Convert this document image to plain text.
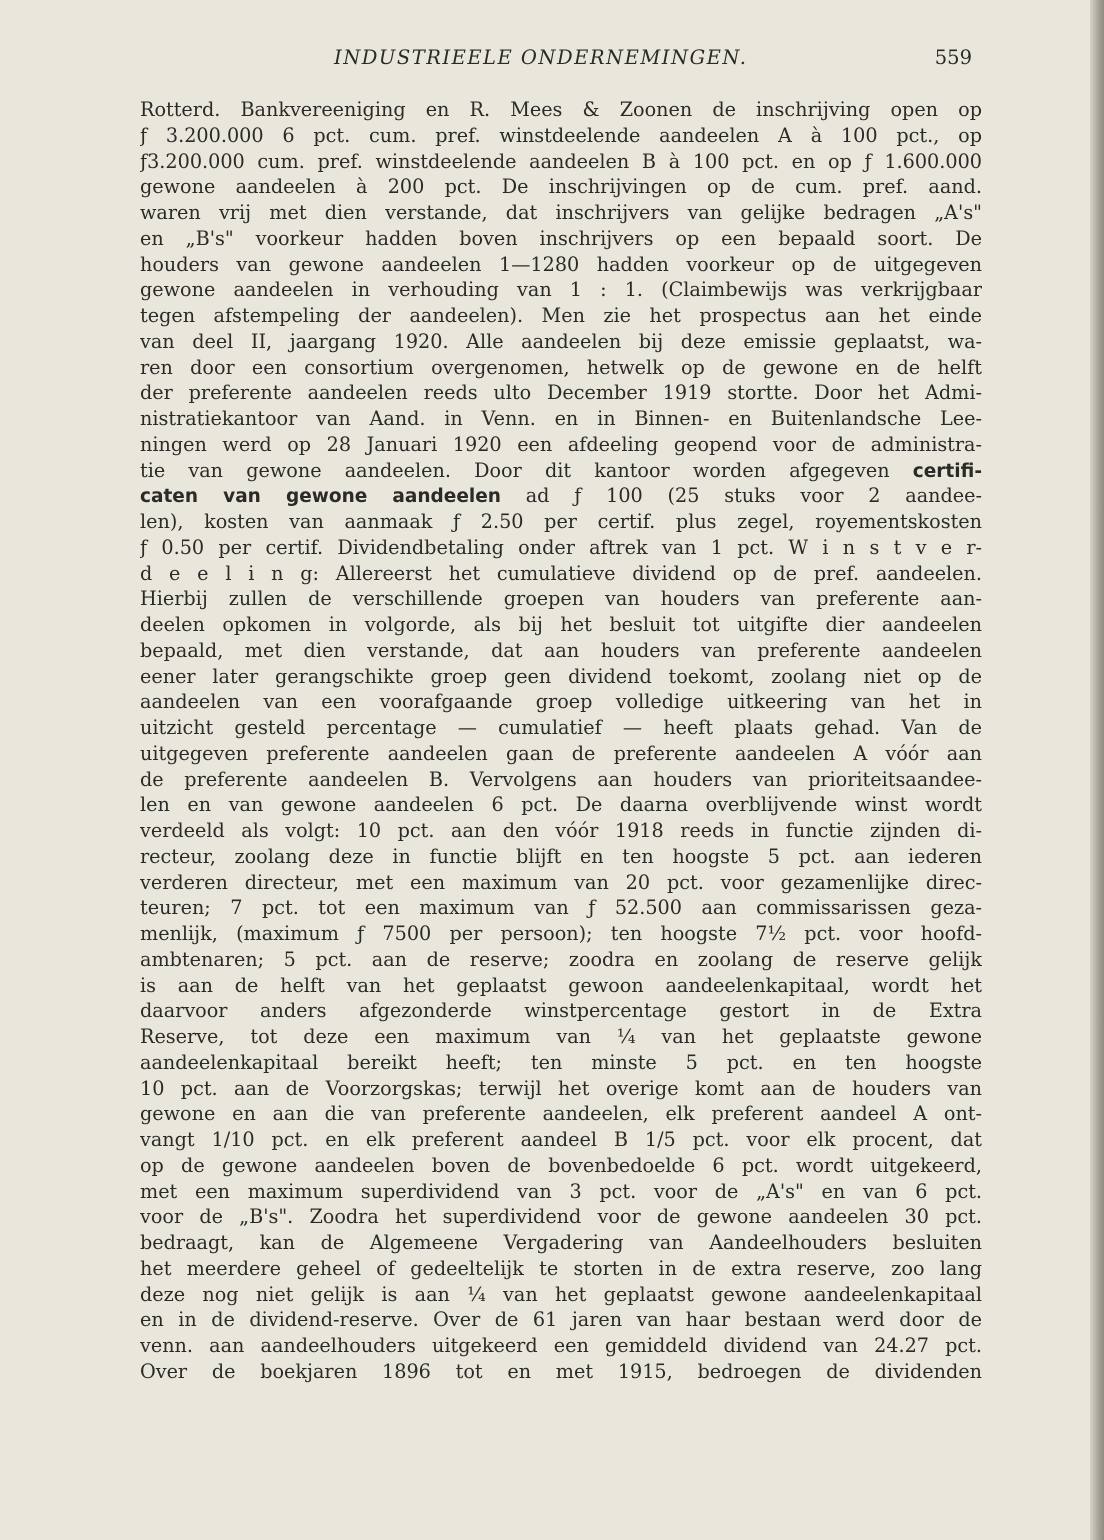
INDUSTRIEELE ONDERNEMINGEN.	559
Rotterd. Bankvereeniging en R. Mees & Zoonen de inschrijving open op
ƒ 3.200.000 6 pct. cum. pref. winstdeelende aandeelen A à 100 pct., op
ƒ3.200.000 cum. pref. winstdeelende aandeelen B à 100 pct. en op ƒ 1.600.000
gewone aandeelen à 200 pct. De inschrijvingen op de cum. pref. aand.
waren vrij met dien verstande, dat inschrijvers van gelijke bedragen „A's"
en „B's" voorkeur hadden boven inschrijvers op een bepaald soort. De
houders van gewone aandeelen 1—1280 hadden voorkeur op de uitgegeven
gewone aandeelen in verhouding van 1 : 1. (Claimbewijs was verkrijgbaar
tegen afstempeling der aandeelen). Men zie het prospectus aan het einde
van deel II, jaargang 1920. Alle aandeelen bij deze emissie geplaatst, wa-
ren door een consortium overgenomen, hetwelk op de gewone en de helft
der preferente aandeelen reeds ulto December 1919 stortte. Door het Admi-
nistratiekantoor van Aand. in Venn. en in Binnen- en Buitenlandsche Lee-
ningen werd op 28 Januari 1920 een afdeeling geopend voor de administra-
tie van gewone aandeelen. Door dit kantoor worden afgegeven certifi-
caten van gewone aandeelen ad ƒ 100 (25 stuks voor 2 aandee-
len), kosten van aanmaak ƒ 2.50 per certif. plus zegel, royementskosten
ƒ 0.50 per certif. Dividendbetaling onder aftrek van 1 pct. W i n s t v e r-
d e e l i n g: Allereerst het cumulatieve dividend op de pref. aandeelen.
Hierbij zullen de verschillende groepen van houders van preferente aan-
deelen opkomen in volgorde, als bij het besluit tot uitgifte dier aandeelen
bepaald, met dien verstande, dat aan houders van preferente aandeelen
eener later gerangschikte groep geen dividend toekomt, zoolang niet op de
aandeelen van een voorafgaande groep volledige uitkeering van het in
uitzicht gesteld percentage — cumulatief — heeft plaats gehad. Van de
uitgegeven preferente aandeelen gaan de preferente aandeelen A vóór aan
de preferente aandeelen B. Vervolgens aan houders van prioriteitsaandee-
len en van gewone aandeelen 6 pct. De daarna overblijvende winst wordt
verdeeld als volgt: 10 pct. aan den vóór 1918 reeds in functie zijnden di-
recteur, zoolang deze in functie blijft en ten hoogste 5 pct. aan iederen
verderen directeur, met een maximum van 20 pct. voor gezamenlijke direc-
teuren; 7 pct. tot een maximum van ƒ 52.500 aan commissarissen geza-
menlijk, (maximum ƒ 7500 per persoon); ten hoogste 7½ pct. voor hoofd-
ambtenaren; 5 pct. aan de reserve; zoodra en zoolang de reserve gelijk
is aan de helft van het geplaatst gewoon aandeelenkapitaal, wordt het
daarvoor anders afgezonderde winstpercentage gestort in de Extra
Reserve, tot deze een maximum van ¼ van het geplaatste gewone
aandeelenkapitaal bereikt heeft; ten minste 5 pct. en ten hoogste
10 pct. aan de Voorzorgskas; terwijl het overige komt aan de houders van
gewone en aan die van preferente aandeelen, elk preferent aandeel A ont-
vangt 1/10 pct. en elk preferent aandeel B 1/5 pct. voor elk procent, dat
op de gewone aandeelen boven de bovenbedoelde 6 pct. wordt uitgekeerd,
met een maximum superdividend van 3 pct. voor de „A's" en van 6 pct.
voor de „B's". Zoodra het superdividend voor de gewone aandeelen 30 pct.
bedraagt, kan de Algemeene Vergadering van Aandeelhouders besluiten
het meerdere geheel of gedeeltelijk te storten in de extra reserve, zoo lang
deze nog niet gelijk is aan ¼ van het geplaatst gewone aandeelenkapitaal
en in de dividend-reserve. Over de 61 jaren van haar bestaan werd door de
venn. aan aandeelhouders uitgekeerd een gemiddeld dividend van 24.27 pct.
Over de boekjaren 1896 tot en met 1915, bedroegen de dividenden
